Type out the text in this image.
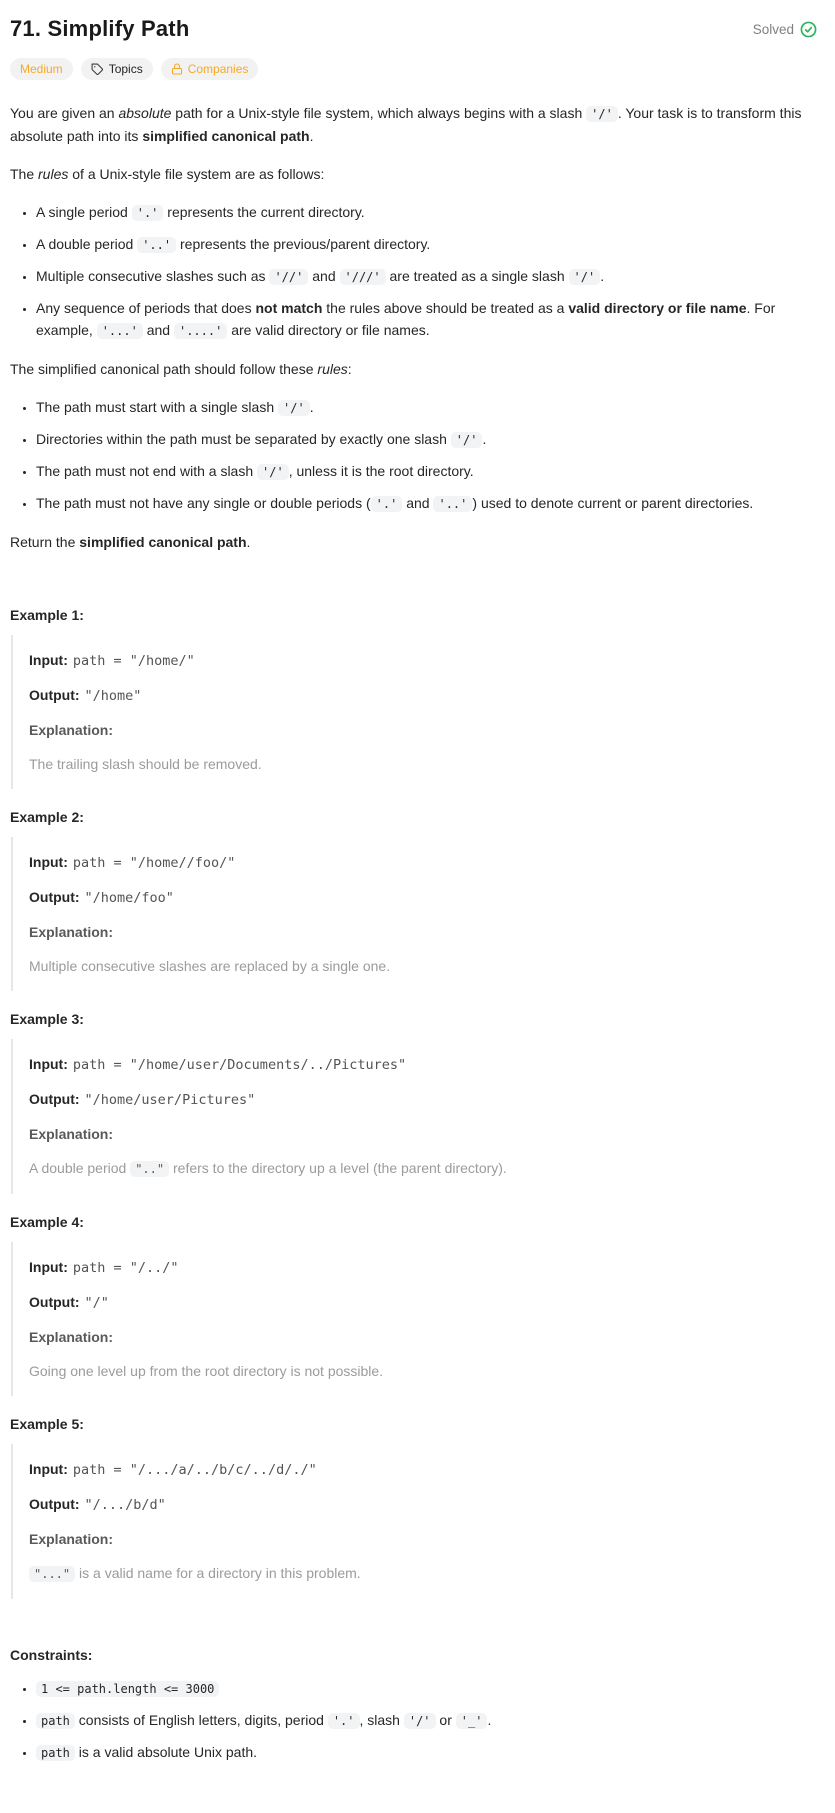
71. Simplify Path	Solved
Medium	Topics	Companies

You are given an absolute path for a Unix-style file system, which always begins with a slash '/' . Your task is to transform this absolute path into its simplified canonical path.

The rules of a Unix-style file system are as follows:

• A single period '.' represents the current directory.
• A double period '..' represents the previous/parent directory.
• Multiple consecutive slashes such as '//' and '///' are treated as a single slash '/' .
• Any sequence of periods that does not match the rules above should be treated as a valid directory or file name. For example, '...' and '....' are valid directory or file names.

The simplified canonical path should follow these rules:

• The path must start with a single slash '/' .
• Directories within the path must be separated by exactly one slash '/' .
• The path must not end with a slash '/' , unless it is the root directory.
• The path must not have any single or double periods ( '.' and '..' ) used to denote current or parent directories.

Return the simplified canonical path.

Example 1:

Input: path = "/home/"

Output: "/home"

Explanation:

The trailing slash should be removed.

Example 2:

Input: path = "/home//foo/"

Output: "/home/foo"

Explanation:

Multiple consecutive slashes are replaced by a single one.

Example 3:

Input: path = "/home/user/Documents/../Pictures"

Output: "/home/user/Pictures"

Explanation:

A double period ".." refers to the directory up a level (the parent directory).

Example 4:

Input: path = "/../"

Output: "/"

Explanation:

Going one level up from the root directory is not possible.

Example 5:

Input: path = "/.../a/../b/c/../d/./"

Output: "/.../b/d"

Explanation:

"..." is a valid name for a directory in this problem.

Constraints:
• 1 <= path.length <= 3000
• path consists of English letters, digits, period '.' , slash '/' or '_' .
• path is a valid absolute Unix path.
